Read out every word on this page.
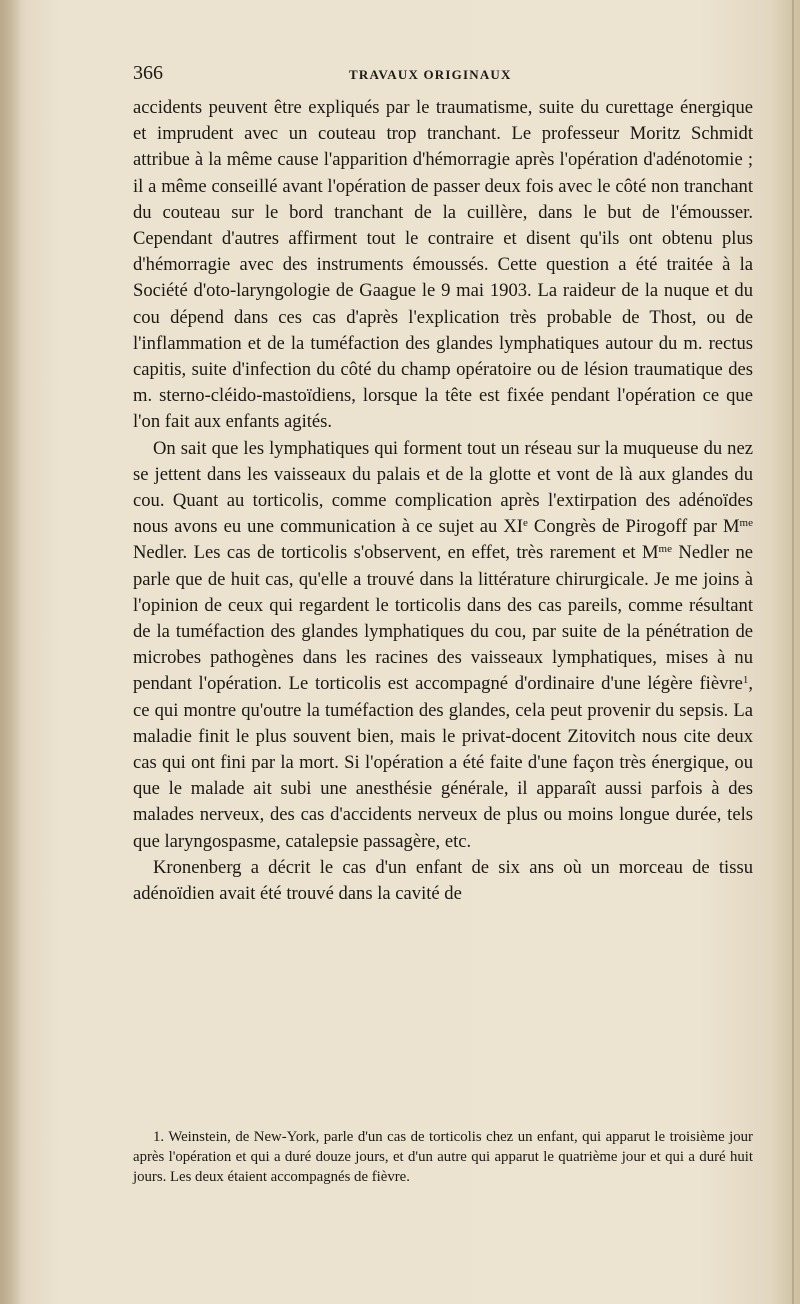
366	TRAVAUX ORIGINAUX

accidents peuvent être expliqués par le traumatisme, suite du curettage énergique et imprudent avec un couteau trop tranchant. Le professeur Moritz Schmidt attribue à la même cause l'apparition d'hémorragie après l'opération d'adénotomie ; il a même conseillé avant l'opération de passer deux fois avec le côté non tranchant du couteau sur le bord tranchant de la cuillère, dans le but de l'émousser. Cependant d'autres affirment tout le contraire et disent qu'ils ont obtenu plus d'hémorragie avec des instruments émoussés. Cette question a été traitée à la Société d'oto-laryngologie de Gaague le 9 mai 1903. La raideur de la nuque et du cou dépend dans ces cas d'après l'explication très probable de Thost, ou de l'inflammation et de la tuméfaction des glandes lymphatiques autour du m. rectus capitis, suite d'infection du côté du champ opératoire ou de lésion traumatique des m. sterno-cléido-mastoïdiens, lorsque la tête est fixée pendant l'opération ce que l'on fait aux enfants agités.

On sait que les lymphatiques qui forment tout un réseau sur la muqueuse du nez se jettent dans les vaisseaux du palais et de la glotte et vont de là aux glandes du cou. Quant au torticolis, comme complication après l'extirpation des adénoïdes nous avons eu une communication à ce sujet au XIe Congrès de Pirogoff par $M^{me}$ Nedler. Les cas de torticolis s'observent, en effet, très rarement et $M^{me}$ Nedler ne parle que de huit cas, qu'elle a trouvé dans la littérature chirurgicale. Je me joins à l'opinion de ceux qui regardent le torticolis dans des cas pareils, comme résultant de la tuméfaction des glandes lymphatiques du cou, par suite de la pénétration de microbes pathogènes dans les racines des vaisseaux lymphatiques, mises à nu pendant l'opération. Le torticolis est accompagné d'ordinaire d'une légère fièvre$^1$, ce qui montre qu'outre la tuméfaction des glandes, cela peut provenir du sepsis. La maladie finit le plus souvent bien, mais le privat-docent Zitovitch nous cite deux cas qui ont fini par la mort. Si l'opération a été faite d'une façon très énergique, ou que le malade ait subi une anesthésie générale, il apparaît aussi parfois à des malades nerveux, des cas d'accidents nerveux de plus ou moins longue durée, tels que laryngospasme, catalepsie passagère, etc.

Kronenberg a décrit le cas d'un enfant de six ans où un morceau de tissu adénoïdien avait été trouvé dans la cavité de

1. Weinstein, de New-York, parle d'un cas de torticolis chez un enfant, qui apparut le troisième jour après l'opération et qui a duré douze jours, et d'un autre qui apparut le quatrième jour et qui a duré huit jours. Les deux étaient accompagnés de fièvre.
